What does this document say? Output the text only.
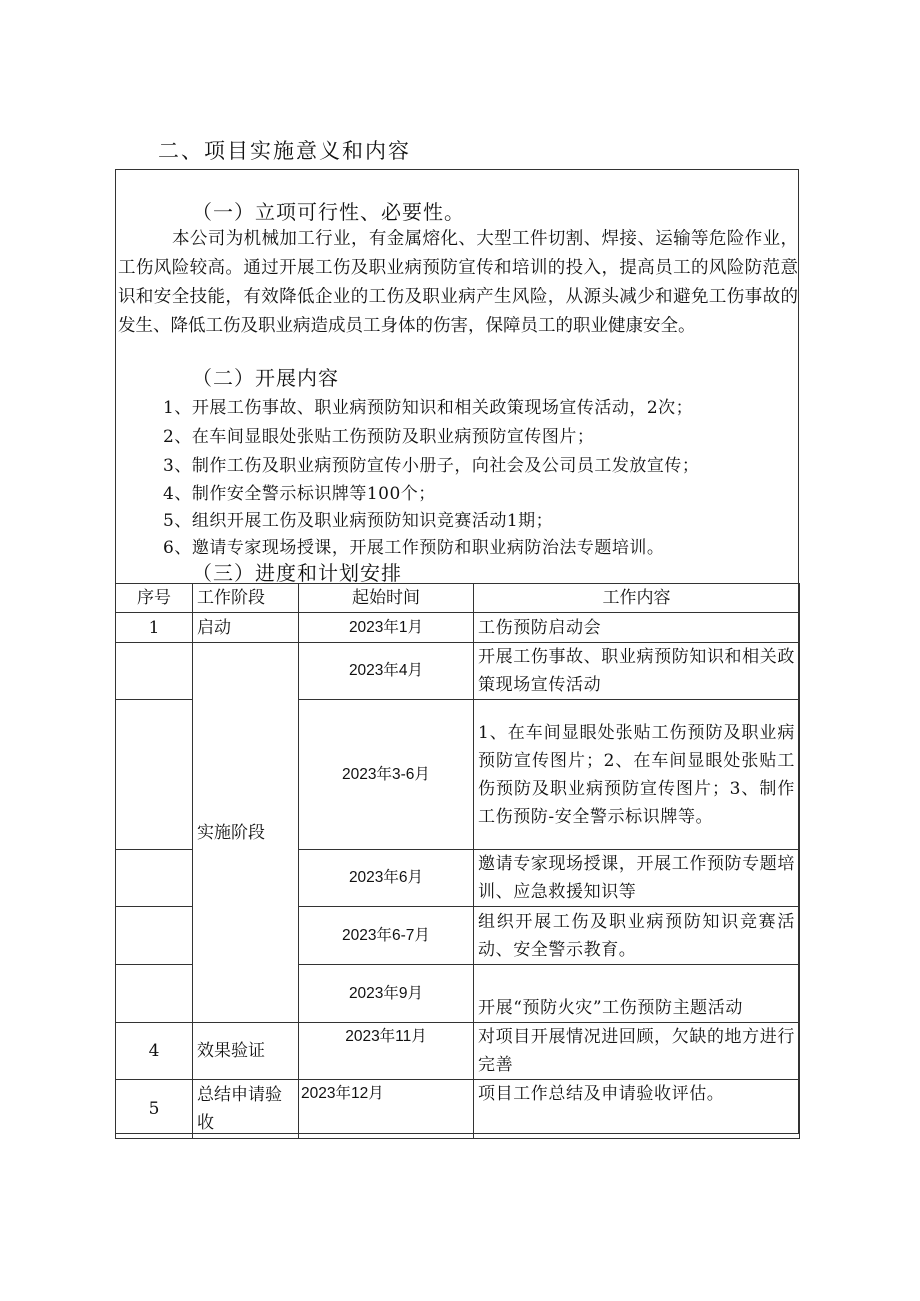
二、项目实施意义和内容
（一）立项可行性、必要性。

本公司为机械加工行业，有金属熔化、大型工件切割、焊接、运输等危险作业，工伤风险较高。通过开展工伤及职业病预防宣传和培训的投入，提高员工的风险防范意识和安全技能，有效降低企业的工伤及职业病产生风险，从源头减少和避免工伤事故的发生、降低工伤及职业病造成员工身体的伤害，保障员工的职业健康安全。

（二）开展内容
1、开展工伤事故、职业病预防知识和相关政策现场宣传活动，2次；
2、在车间显眼处张贴工伤预防及职业病预防宣传图片；
3、制作工伤及职业病预防宣传小册子，向社会及公司员工发放宣传；
4、制作安全警示标识牌等100个；
5、组织开展工伤及职业病预防知识竞赛活动1期；
6、邀请专家现场授课，开展工作预防和职业病防治法专题培训。
（三）进度和计划安排
序号	工作阶段	起始时间	工作内容
1	启动	2023年1月	工伤预防启动会
	实施阶段	2023年4月	开展工伤事故、职业病预防知识和相关政策现场宣传活动
		2023年3-6月	1、在车间显眼处张贴工伤预防及职业病预防宣传图片；2、在车间显眼处张贴工伤预防及职业病预防宣传图片；3、制作工伤预防-安全警示标识牌等。
		2023年6月	邀请专家现场授课，开展工作预防专题培训、应急救援知识等
		2023年6-7月	组织开展工伤及职业病预防知识竞赛活动、安全警示教育。
		2023年9月	开展“预防火灾”工伤预防主题活动
4	效果验证	2023年11月	对项目开展情况进回顾，欠缺的地方进行完善
5	总结申请验收	2023年12月	项目工作总结及申请验收评估。
